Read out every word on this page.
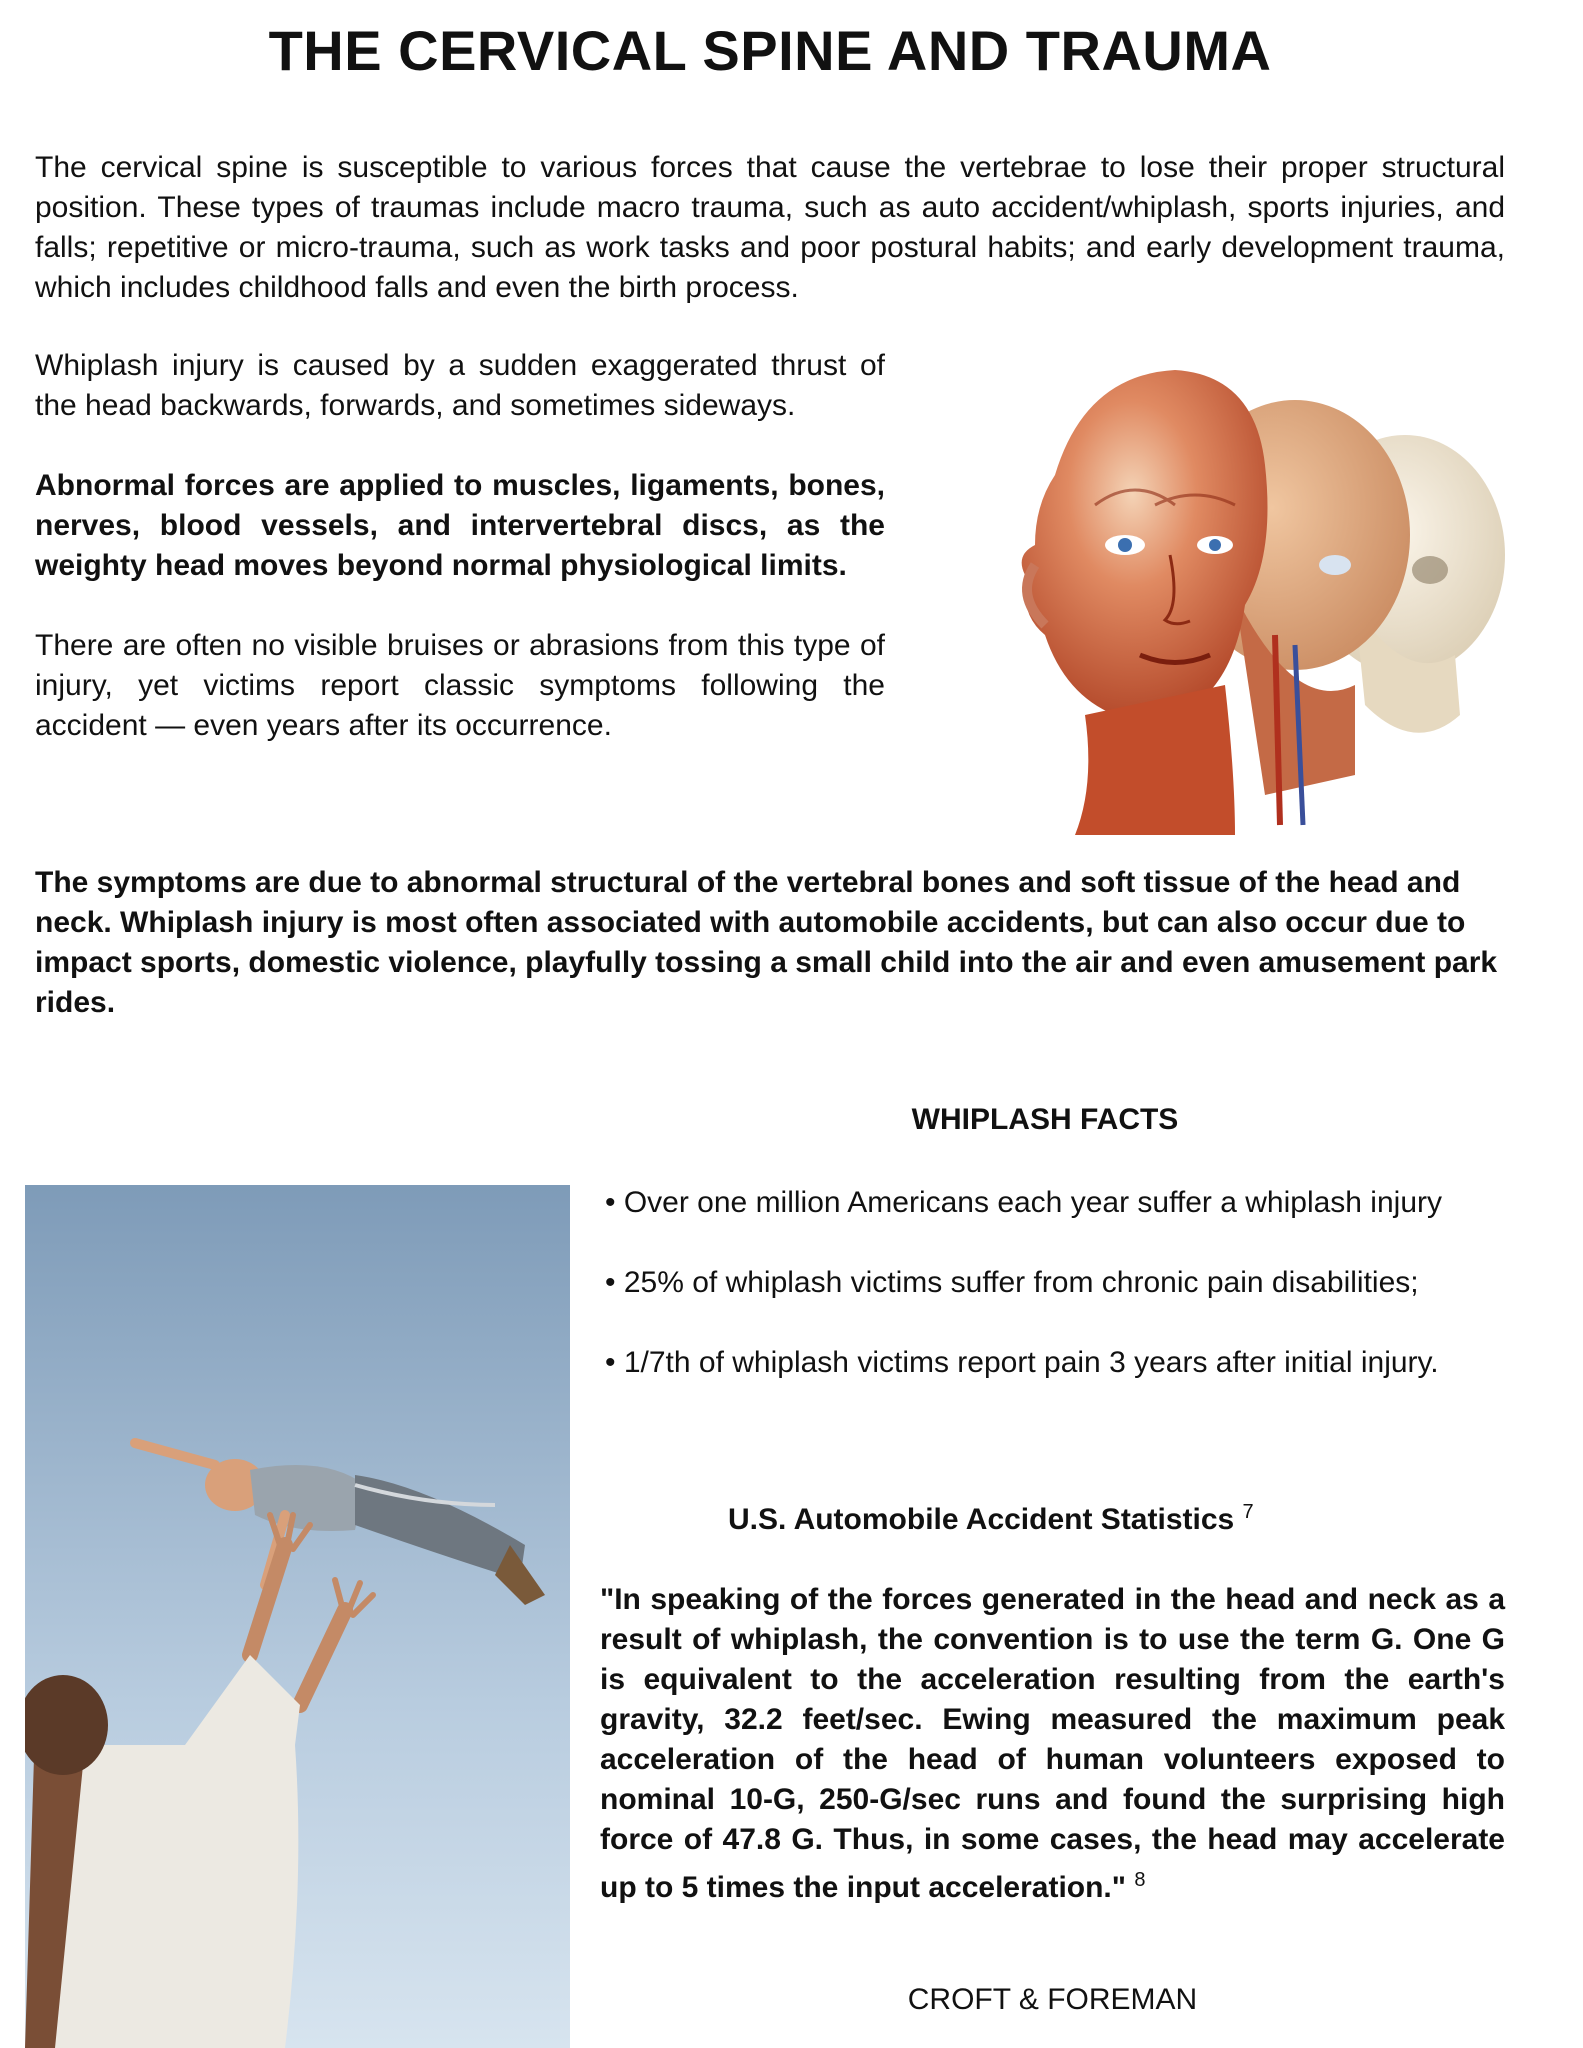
THE CERVICAL SPINE AND TRAUMA

The cervical spine is susceptible to various forces that cause the vertebrae to lose their proper structural position. These types of traumas include macro trauma, such as auto accident/whiplash, sports injuries, and falls; repetitive or micro-trauma, such as work tasks and poor postural habits; and early development trauma, which includes childhood falls and even the birth process.

Whiplash injury is caused by a sudden exaggerated thrust of the head backwards, forwards, and sometimes sideways.

Abnormal forces are applied to muscles, ligaments, bones, nerves, blood vessels, and intervertebral discs, as the weighty head moves beyond normal physiological limits.

There are often no visible bruises or abrasions from this type of injury, yet victims report classic symptoms following the accident — even years after its occurrence.

The symptoms are due to abnormal structural of the vertebral bones and soft tissue of the head and neck. Whiplash injury is most often associated with automobile accidents, but can also occur due to impact sports, domestic violence, playfully tossing a small child into the air and even amusement park rides.

WHIPLASH FACTS
• Over one million Americans each year suffer a whiplash injury
• 25% of whiplash victims suffer from chronic pain disabilities;
• 1/7th of whiplash victims report pain 3 years after initial injury.
U.S. Automobile Accident Statistics $^7$

"In speaking of the forces generated in the head and neck as a result of whiplash, the convention is to use the term G. One G is equivalent to the acceleration resulting from the earth's gravity, 32.2 feet/sec. Ewing measured the maximum peak acceleration of the head of human volunteers exposed to nominal 10-G, 250-G/sec runs and found the surprising high force of 47.8 G. Thus, in some cases, the head may accelerate up to 5 times the input acceleration." $^8$

CROFT & FOREMAN
